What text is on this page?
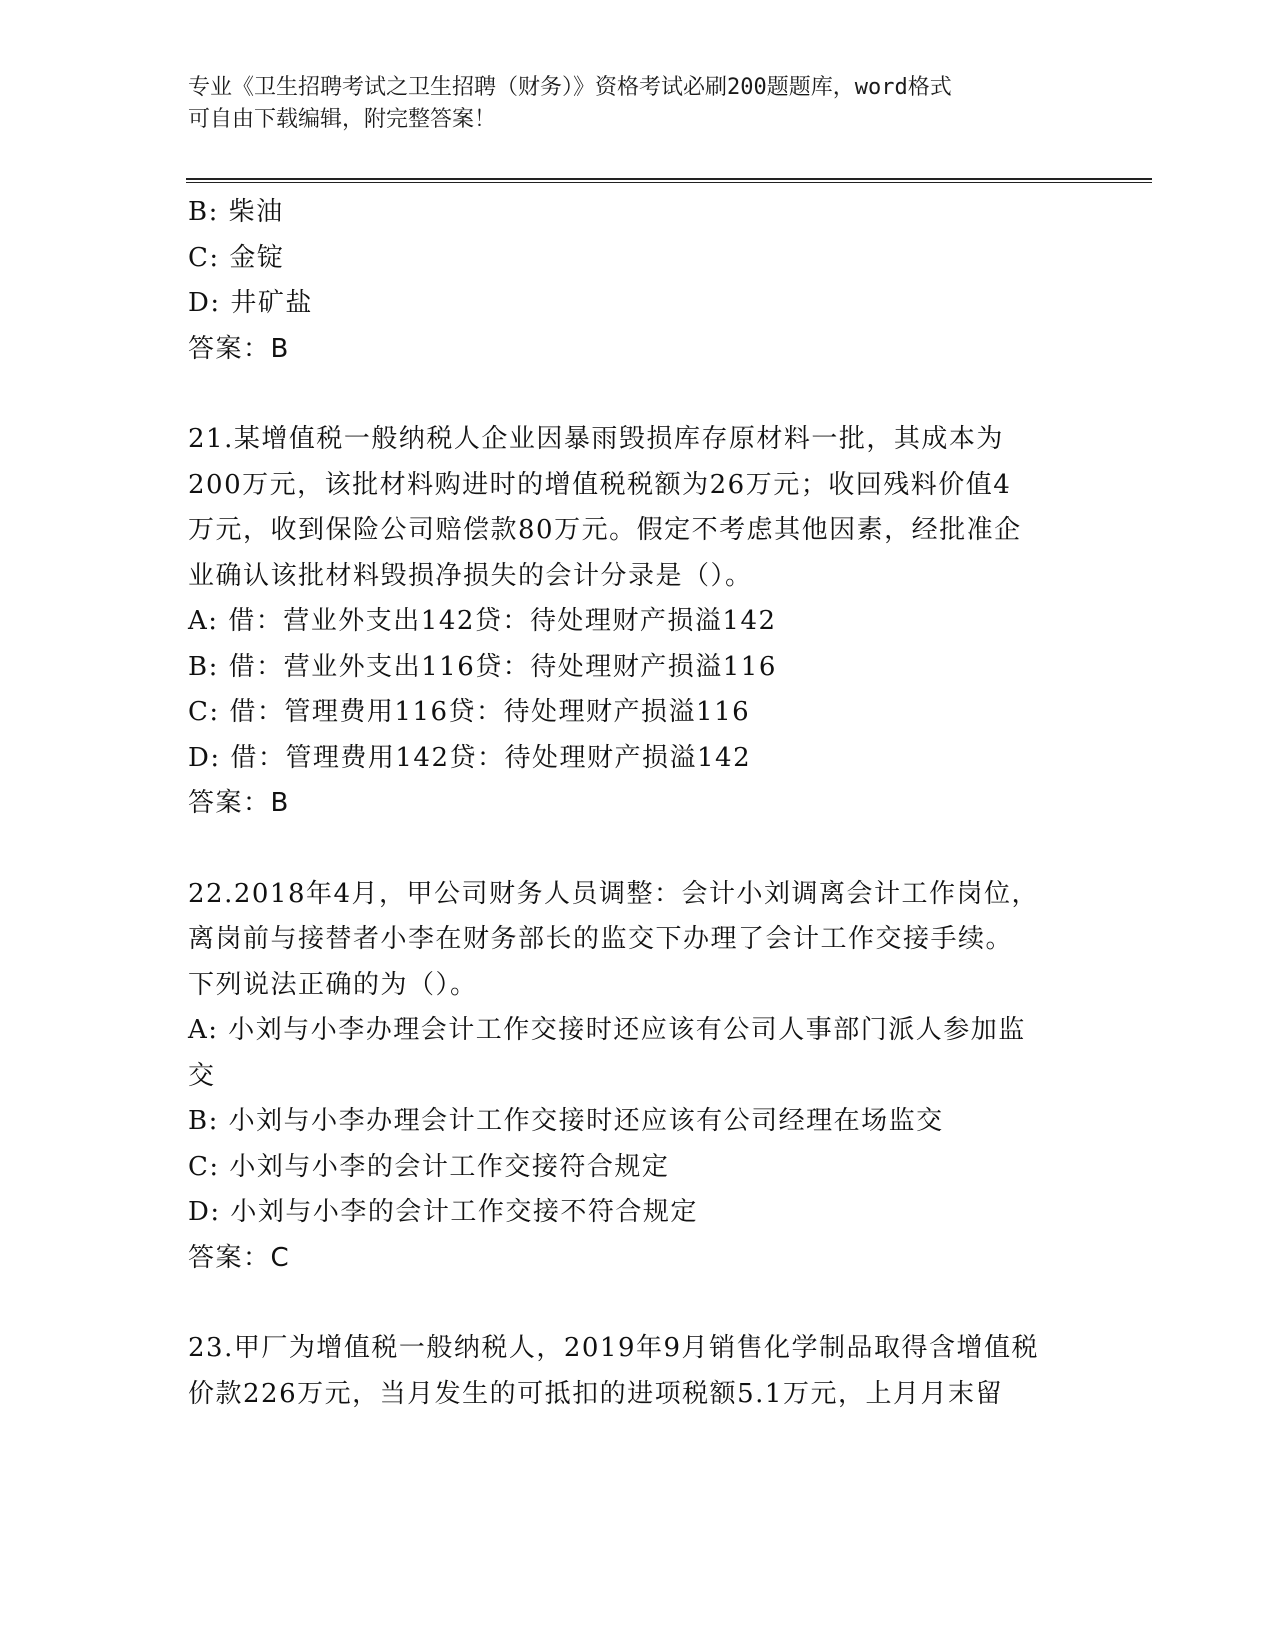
专业《卫生招聘考试之卫生招聘（财务）》资格考试必刷200题题库，word格式
可自由下载编辑，附完整答案！
B: 柴油
C: 金锭
D: 井矿盐
答案：B
21.某增值税一般纳税人企业因暴雨毁损库存原材料一批，其成本为
200万元，该批材料购进时的增值税税额为26万元；收回残料价值4
万元，收到保险公司赔偿款80万元。假定不考虑其他因素，经批准企
业确认该批材料毁损净损失的会计分录是（）。
A: 借：营业外支出142贷：待处理财产损溢142
B: 借：营业外支出116贷：待处理财产损溢116
C: 借：管理费用116贷：待处理财产损溢116
D: 借：管理费用142贷：待处理财产损溢142
答案：B
22.2018年4月，甲公司财务人员调整：会计小刘调离会计工作岗位，
离岗前与接替者小李在财务部长的监交下办理了会计工作交接手续。
下列说法正确的为（）。
A: 小刘与小李办理会计工作交接时还应该有公司人事部门派人参加监
交
B: 小刘与小李办理会计工作交接时还应该有公司经理在场监交
C: 小刘与小李的会计工作交接符合规定
D: 小刘与小李的会计工作交接不符合规定
答案：C
23.甲厂为增值税一般纳税人，2019年9月销售化学制品取得含增值税
价款226万元，当月发生的可抵扣的进项税额5.1万元，上月月末留
